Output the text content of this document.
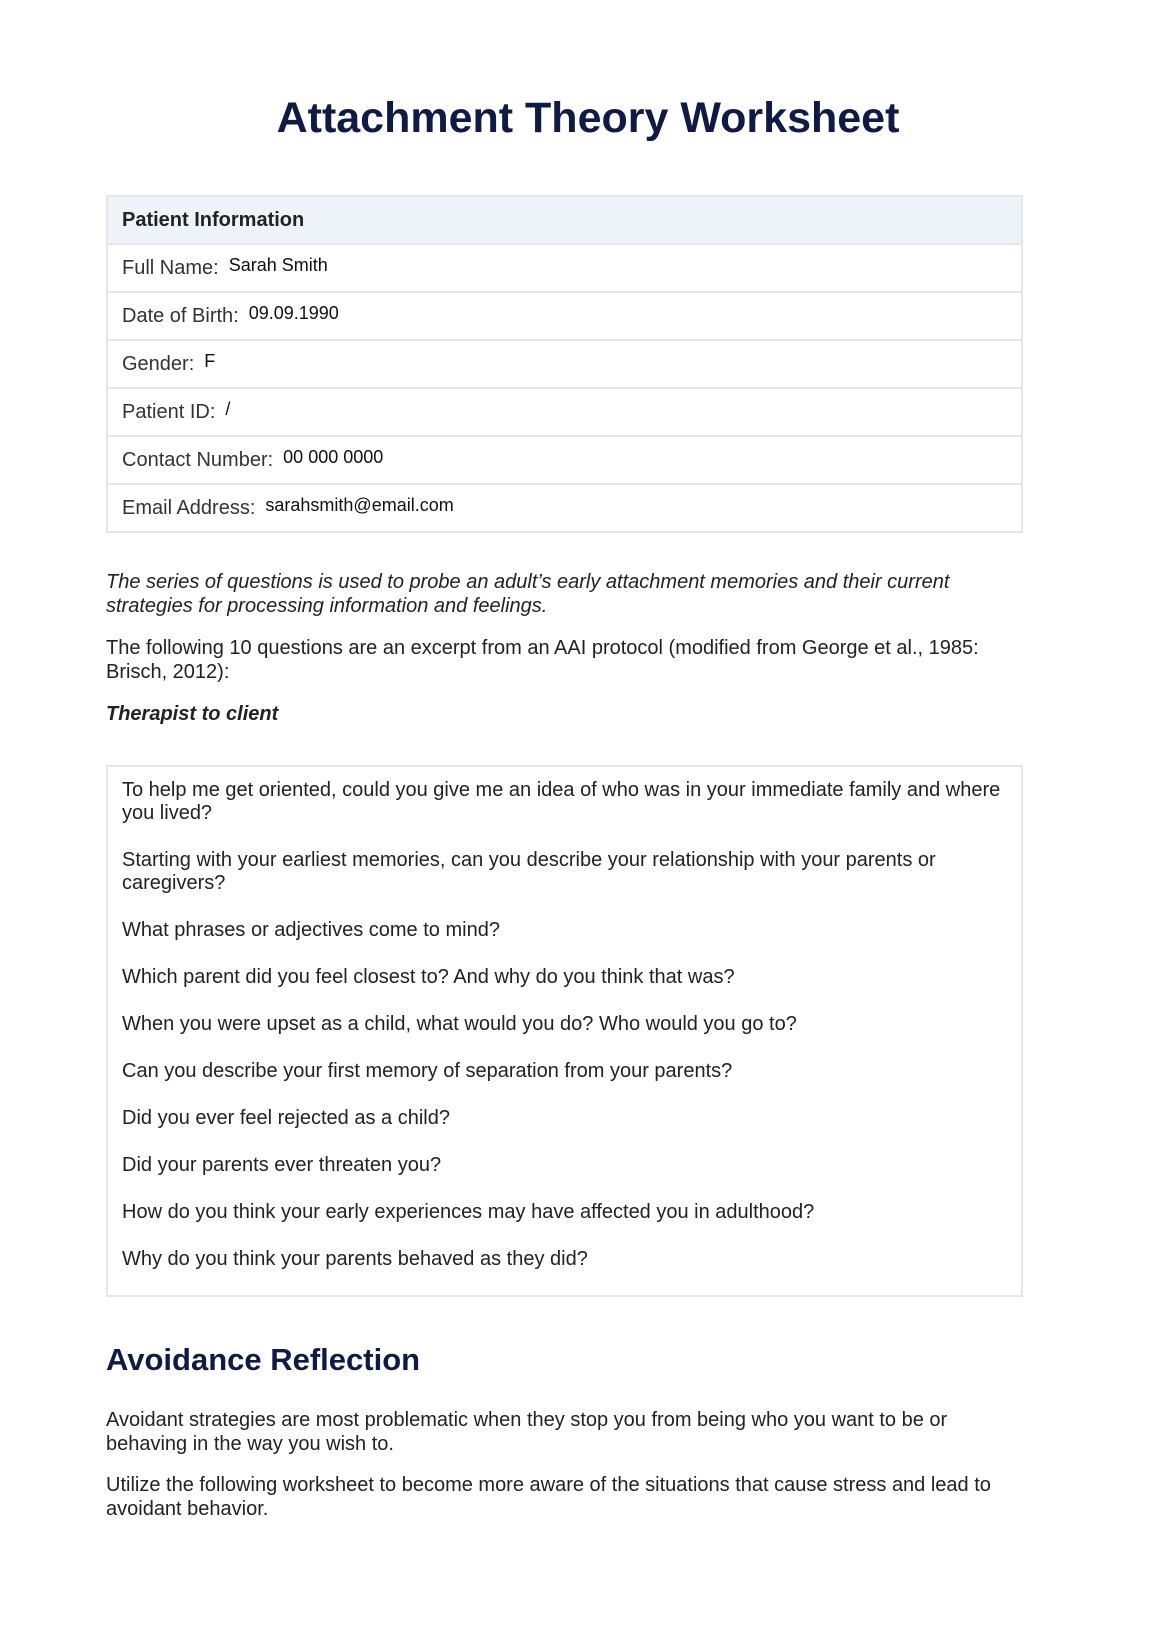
Attachment Theory Worksheet
Patient Information
Full Name: Sarah Smith
Date of Birth: 09.09.1990
Gender: F
Patient ID: /
Contact Number: 00 000 0000
Email Address: sarahsmith@email.com

The series of questions is used to probe an adult’s early attachment memories and their current strategies for processing information and feelings.

The following 10 questions are an excerpt from an AAI protocol (modified from George et al., 1985: Brisch, 2012):

Therapist to client

To help me get oriented, could you give me an idea of who was in your immediate family and where you lived?

Starting with your earliest memories, can you describe your relationship with your parents or caregivers?

What phrases or adjectives come to mind?

Which parent did you feel closest to? And why do you think that was?

When you were upset as a child, what would you do? Who would you go to?

Can you describe your first memory of separation from your parents?

Did you ever feel rejected as a child?

Did your parents ever threaten you?

How do you think your early experiences may have affected you in adulthood?

Why do you think your parents behaved as they did?

Avoidance Reflection

Avoidant strategies are most problematic when they stop you from being who you want to be or behaving in the way you wish to.

Utilize the following worksheet to become more aware of the situations that cause stress and lead to avoidant behavior.
